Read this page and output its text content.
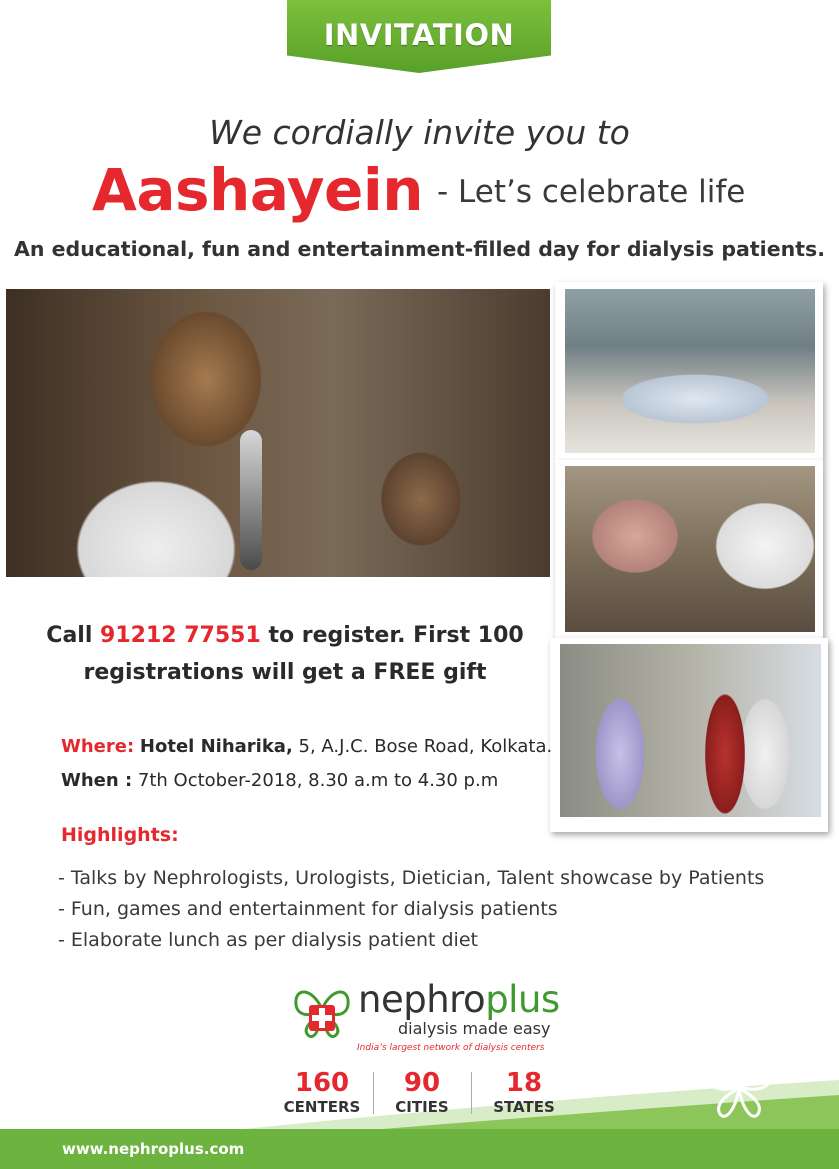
INVITATION
We cordially invite you to
Aashayein - Let’s celebrate life
An educational, fun and entertainment-filled day for dialysis patients.
Call 91212 77551 to register. First 100
registrations will get a FREE gift
Where: Hotel Niharika, 5, A.J.C. Bose Road, Kolkata.
When : 7th October-2018, 8.30 a.m to 4.30 p.m
Highlights:
- Talks by Nephrologists, Urologists, Dietician, Talent showcase by Patients
- Fun, games and entertainment for dialysis patients
- Elaborate lunch as per dialysis patient diet
www.nephroplus.com
nephroplus
dialysis made easy
India’s largest network of dialysis centers
160
CENTERS
90
CITIES
18
STATES
